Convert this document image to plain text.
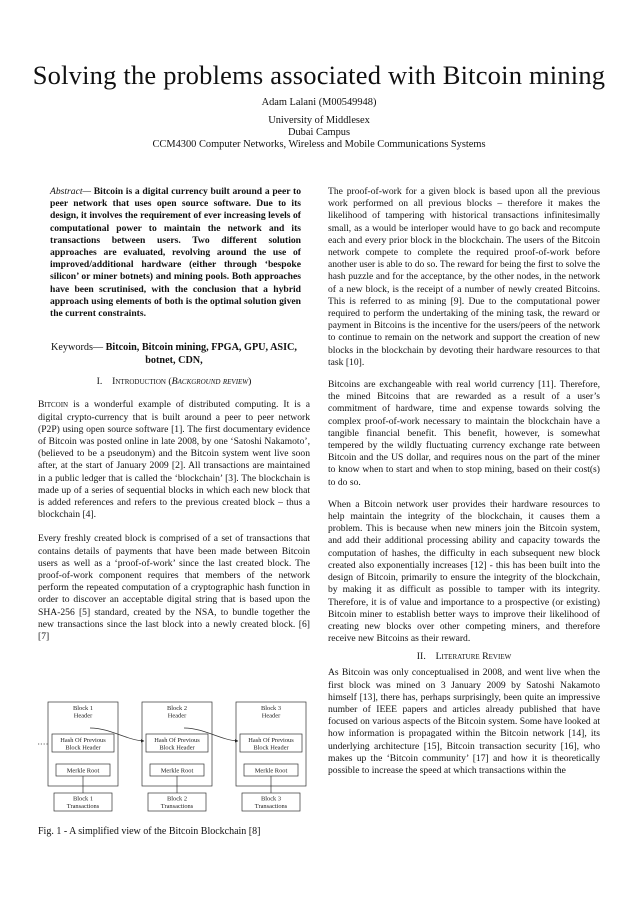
Solving the problems associated with Bitcoin mining
Adam Lalani (M00549948)
University of Middlesex
Dubai Campus
CCM4300 Computer Networks, Wireless and Mobile Communications Systems

Abstract— Bitcoin is a digital currency built around a peer to peer network that uses open source software. Due to its design, it involves the requirement of ever increasing levels of computational power to maintain the network and its transactions between users. Two different solution approaches are evaluated, revolving around the use of improved/additional hardware (either through ‘bespoke silicon’ or miner botnets) and mining pools. Both approaches have been scrutinised, with the conclusion that a hybrid approach using elements of both is the optimal solution given the current constraints.

Keywords— Bitcoin, Bitcoin mining, FPGA, GPU, ASIC, botnet, CDN,

I. Introduction (Background review)

Bitcoin is a wonderful example of distributed computing. It is a digital crypto-currency that is built around a peer to peer network (P2P) using open source software [1]. The first documentary evidence of Bitcoin was posted online in late 2008, by one ‘Satoshi Nakamoto’, (believed to be a pseudonym) and the Bitcoin system went live soon after, at the start of January 2009 [2]. All transactions are maintained in a public ledger that is called the ‘blockchain’ [3]. The blockchain is made up of a series of sequential blocks in which each new block that is added references and refers to the previous created block – thus a blockchain [4].

Every freshly created block is comprised of a set of transactions that contains details of payments that have been made between Bitcoin users as well as a ‘proof-of-work’ since the last created block. The proof-of-work component requires that members of the network perform the repeated computation of a cryptographic hash function in order to discover an acceptable digital string that is based upon the SHA-256 [5] standard, created by the NSA, to bundle together the new transactions since the last block into a newly created block. [6] [7]

Block 1
Header
Hash Of Previous
Block Header
Merkle Root
Block 1
Transactions
Block 2
Header
Hash Of Previous
Block Header
Merkle Root
Block 2
Transactions
Block 3
Header
Hash Of Previous
Block Header
Merkle Root
Block 3
Transactions
Fig. 1 - A simplified view of the Bitcoin Blockchain [8]

The proof-of-work for a given block is based upon all the previous work performed on all previous blocks – therefore it makes the likelihood of tampering with historical transactions infinitesimally small, as a would be interloper would have to go back and recompute each and every prior block in the blockchain. The users of the Bitcoin network compete to complete the required proof-of-work before another user is able to do so. The reward for being the first to solve the hash puzzle and for the acceptance, by the other nodes, in the network of a new block, is the receipt of a number of newly created Bitcoins. This is referred to as mining [9]. Due to the computational power required to perform the undertaking of the mining task, the reward or payment in Bitcoins is the incentive for the users/peers of the network to continue to remain on the network and support the creation of new blocks in the blockchain by devoting their hardware resources to that task [10].

Bitcoins are exchangeable with real world currency [11]. Therefore, the mined Bitcoins that are rewarded as a result of a user’s commitment of hardware, time and expense towards solving the complex proof-of-work necessary to maintain the blockchain have a tangible financial benefit. This benefit, however, is somewhat tempered by the wildly fluctuating currency exchange rate between Bitcoin and the US dollar, and requires nous on the part of the miner to know when to start and when to stop mining, based on their cost(s) to do so.

When a Bitcoin network user provides their hardware resources to help maintain the integrity of the blockchain, it causes them a problem. This is because when new miners join the Bitcoin system, and add their additional processing ability and capacity towards the computation of hashes, the difficulty in each subsequent new block created also exponentially increases [12] - this has been built into the design of Bitcoin, primarily to ensure the integrity of the blockchain, by making it as difficult as possible to tamper with its integrity. Therefore, it is of value and importance to a prospective (or existing) Bitcoin miner to establish better ways to improve their likelihood of creating new blocks over other competing miners, and therefore receive new Bitcoins as their reward.

II. Literature Review

As Bitcoin was only conceptualised in 2008, and went live when the first block was mined on 3 January 2009 by Satoshi Nakamoto himself [13], there has, perhaps surprisingly, been quite an impressive number of IEEE papers and articles already published that have focused on various aspects of the Bitcoin system. Some have looked at how information is propagated within the Bitcoin network [14], its underlying architecture [15], Bitcoin transaction security [16], who makes up the ‘Bitcoin community’ [17] and how it is theoretically possible to increase the speed at which transactions within the
